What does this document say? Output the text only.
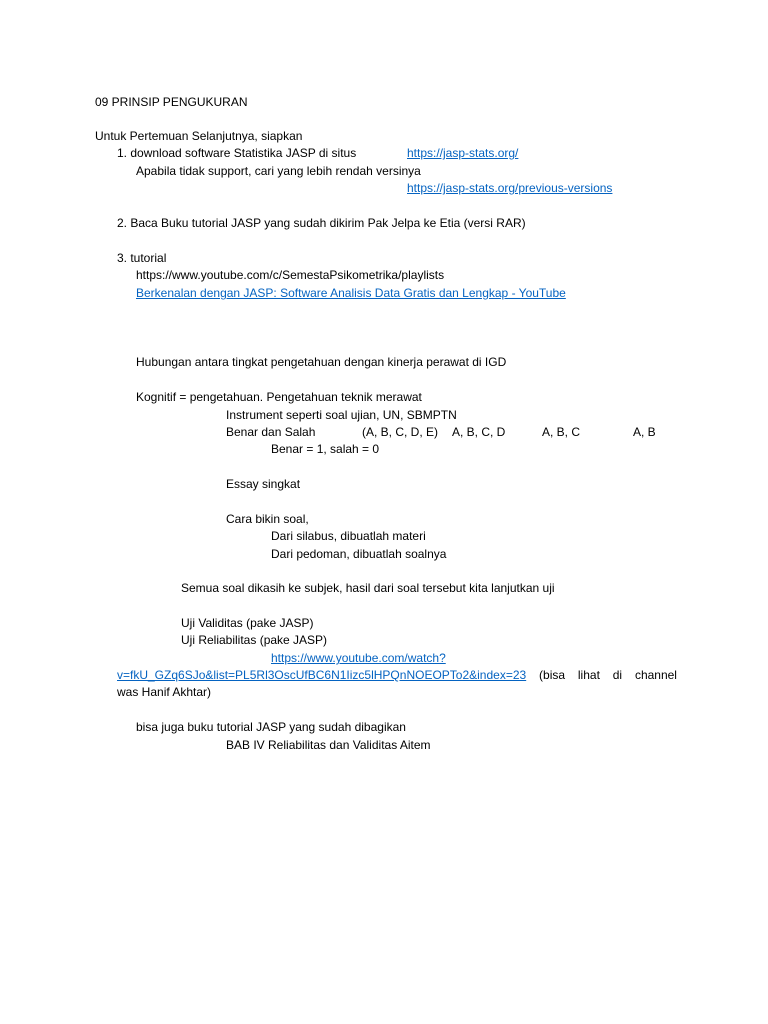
09 PRINSIP PENGUKURAN
Untuk Pertemuan Selanjutnya, siapkan
1. download software Statistika JASP di situs	https://jasp-stats.org/
Apabila tidak support, cari yang lebih rendah versinya
https://jasp-stats.org/previous-versions
2. Baca Buku tutorial JASP yang sudah dikirim Pak Jelpa ke Etia (versi RAR)
3. tutorial
https://www.youtube.com/c/SemestaPsikometrika/playlists
Berkenalan dengan JASP: Software Analisis Data Gratis dan Lengkap - YouTube
Hubungan antara tingkat pengetahuan dengan kinerja perawat di IGD
Kognitif = pengetahuan. Pengetahuan teknik merawat
Instrument seperti soal ujian, UN, SBMPTN
Benar dan Salah	(A, B, C, D, E) A, B, C, D	A, B, C	A, B
Benar = 1, salah = 0
Essay singkat
Cara bikin soal,
Dari silabus, dibuatlah materi
Dari pedoman, dibuatlah soalnya
Semua soal dikasih ke subjek, hasil dari soal tersebut kita lanjutkan uji
Uji Validitas (pake JASP)
Uji Reliabilitas (pake JASP)
https://www.youtube.com/watch?
v=fkU_GZq6SJo&list=PL5Rl3OscUfBC6N1Iizc5lHPQnNOEOPTo2&index=23 (bisa lihat di channel
was Hanif Akhtar)
bisa juga buku tutorial JASP yang sudah dibagikan
BAB IV Reliabilitas dan Validitas Aitem
